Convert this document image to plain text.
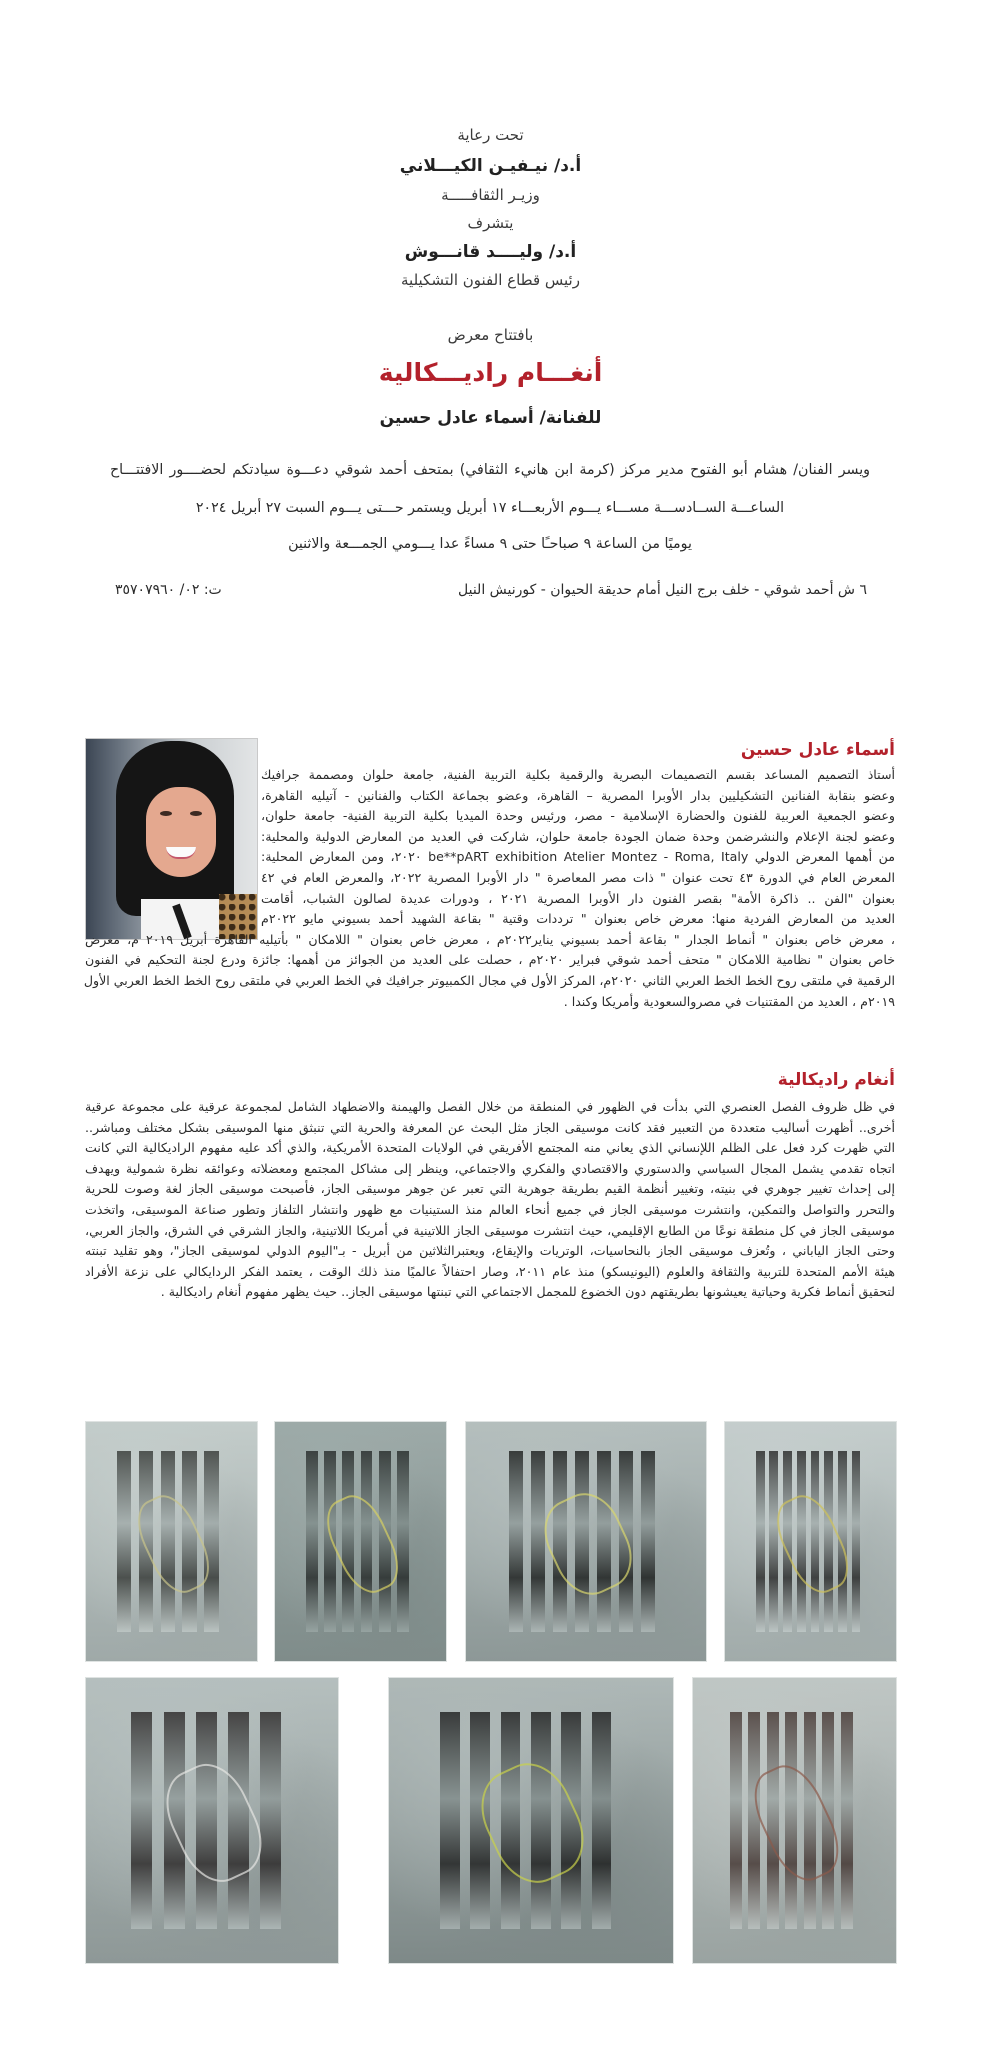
تحت رعاية
أ.د/ نيـفيـن الكيـــلاني
وزيـر الثقافـــــة
يتشرف
أ.د/ وليــــد قانـــوش
رئيس قطاع الفنون التشكيلية
بافتتاح معرض
أنغـــام راديـــكالية
للفنانة/ أسماء عادل حسين
ويسر الفنان/ هشام أبو الفتوح مدير مركز (كرمة ابن هانيء الثقافي) بمتحف أحمد شوقي دعـــوة سيادتكم لحضــــور الافتتـــاح
الساعـــة الســادســـة مســـاء يـــوم الأربعـــاء ١٧ أبريل ويستمر حـــتى يـــوم السبت ٢٧ أبريل ٢٠٢٤
يوميًا من الساعة ٩ صباحـًا حتى ٩ مساءً عدا يـــومي الجمـــعة والاثنين
٦ ش أحمد شوقي - خلف برج النيل أمام حديقة الحيوان - كورنيش النيل
ت: ٠٢/ ٣٥٧٠٧٩٦٠
أسماء عادل حسين
أستاذ التصميم المساعد بقسم التصميمات البصرية والرقمية بكلية التربية الفنية، جامعة حلوان ومصممة جرافيك
وعضو بنقابة الفنانين التشكيليين بدار الأوبرا المصرية – القاهرة، وعضو بجماعة الكتاب والفنانين - آتيليه القاهرة،
وعضو الجمعية العربية للفنون والحضارة الإسلامية - مصر، ورئيس وحدة الميديا بكلية التربية الفنية- جامعة حلوان،
وعضو لجنة الإعلام والنشرضمن وحدة ضمان الجودة جامعة حلوان، شاركت في العديد من المعارض الدولية والمحلية:
من أهمها المعرض الدولي be**pART exhibition Atelier Montez - Roma, Italy ٢٠٢٠، ومن المعارض المحلية:
المعرض العام في الدورة ٤٣ تحت عنوان " ذات مصر المعاصرة " دار الأوبرا المصرية ٢٠٢٢، والمعرض العام في ٤٢
بعنوان "الفن .. ذاكرة الأمة" بقصر الفنون دار الأوبرا المصرية ٢٠٢١ ، ودورات عديدة لصالون الشباب، أقامت
العديد من المعارض الفردية منها: معرض خاص بعنوان " ترددات وقتية " بقاعة الشهيد أحمد بسيوني مايو ٢٠٢٢م
، معرض خاص بعنوان " أنماط الجدار " بقاعة أحمد بسيوني يناير٢٠٢٢م ، معرض خاص بعنوان " اللامكان " بأتيليه القاهرة أبريل ٢٠١٩ م، معرض
خاص بعنوان " نظامية اللامكان " متحف أحمد شوقي فبراير ٢٠٢٠م ، حصلت على العديد من الجوائز من أهمها: جائزة ودرع لجنة التحكيم في الفنون
الرقمية في ملتقى روح الخط الخط العربي الثاني ٢٠٢٠م، المركز الأول في مجال الكمبيوتر جرافيك في الخط العربي في ملتقى روح الخط الخط العربي الأول
٢٠١٩م ، العديد من المقتنيات في مصروالسعودية وأمريكا وكندا .
أنغام راديكالية
في ظل ظروف الفصل العنصري التي بدأت في الظهور في المنطقة من خلال الفصل والهيمنة والاضطهاد الشامل لمجموعة عرقية على مجموعة عرقية
أخرى.. أظهرت أساليب متعددة من التعبير فقد كانت موسيقى الجاز مثل البحث عن المعرفة والحرية التي تنبثق منها الموسيقى بشكل مختلف ومباشر..
التي ظهرت كرد فعل على الظلم اللإنساني الذي يعاني منه المجتمع الأفريقي في الولايات المتحدة الأمريكية، والذي أكد عليه مفهوم الراديكالية التي كانت
اتجاه تقدمي يشمل المجال السياسي والدستوري والاقتصادي والفكري والاجتماعي، وينظر إلى مشاكل المجتمع ومعضلاته وعوائقه نظرة شمولية ويهدف
إلى إحداث تغيير جوهري في بنيته، وتغيير أنظمة القيم بطريقة جوهرية التي تعبر عن جوهر موسيقى الجاز، فأصبحت موسيقى الجاز لغة وصوت للحرية
والتحرر والتواصل والتمكين، وانتشرت موسيقى الجاز في جميع أنحاء العالم منذ الستينيات مع ظهور وانتشار التلفاز وتطور صناعة الموسيقى، واتخذت
موسيقى الجاز في كل منطقة نوعًا من الطابع الإقليمي، حيث انتشرت موسيقى الجاز اللاتينية في أمريكا اللاتينية، والجاز الشرقي في الشرق، والجاز العربي،
وحتى الجاز الياباني ، وتُعزف موسيقى الجاز بالنحاسيات، الوتريات والإيقاع، ويعتبرالثلاثين من أبريل - بـ"اليوم الدولي لموسيقى الجاز"، وهو تقليد تبنته
هيئة الأمم المتحدة للتربية والثقافة والعلوم (اليونيسكو) منذ عام ٢٠١١، وصار احتفالاً عالميًا منذ ذلك الوقت ، يعتمد الفكر الردايكالي على نزعة الأفراد
لتحقيق أنماط فكرية وحياتية يعيشونها بطريقتهم دون الخضوع للمجمل الاجتماعي التي تبنتها موسيقى الجاز.. حيث يظهر مفهوم أنغام راديكالية .
